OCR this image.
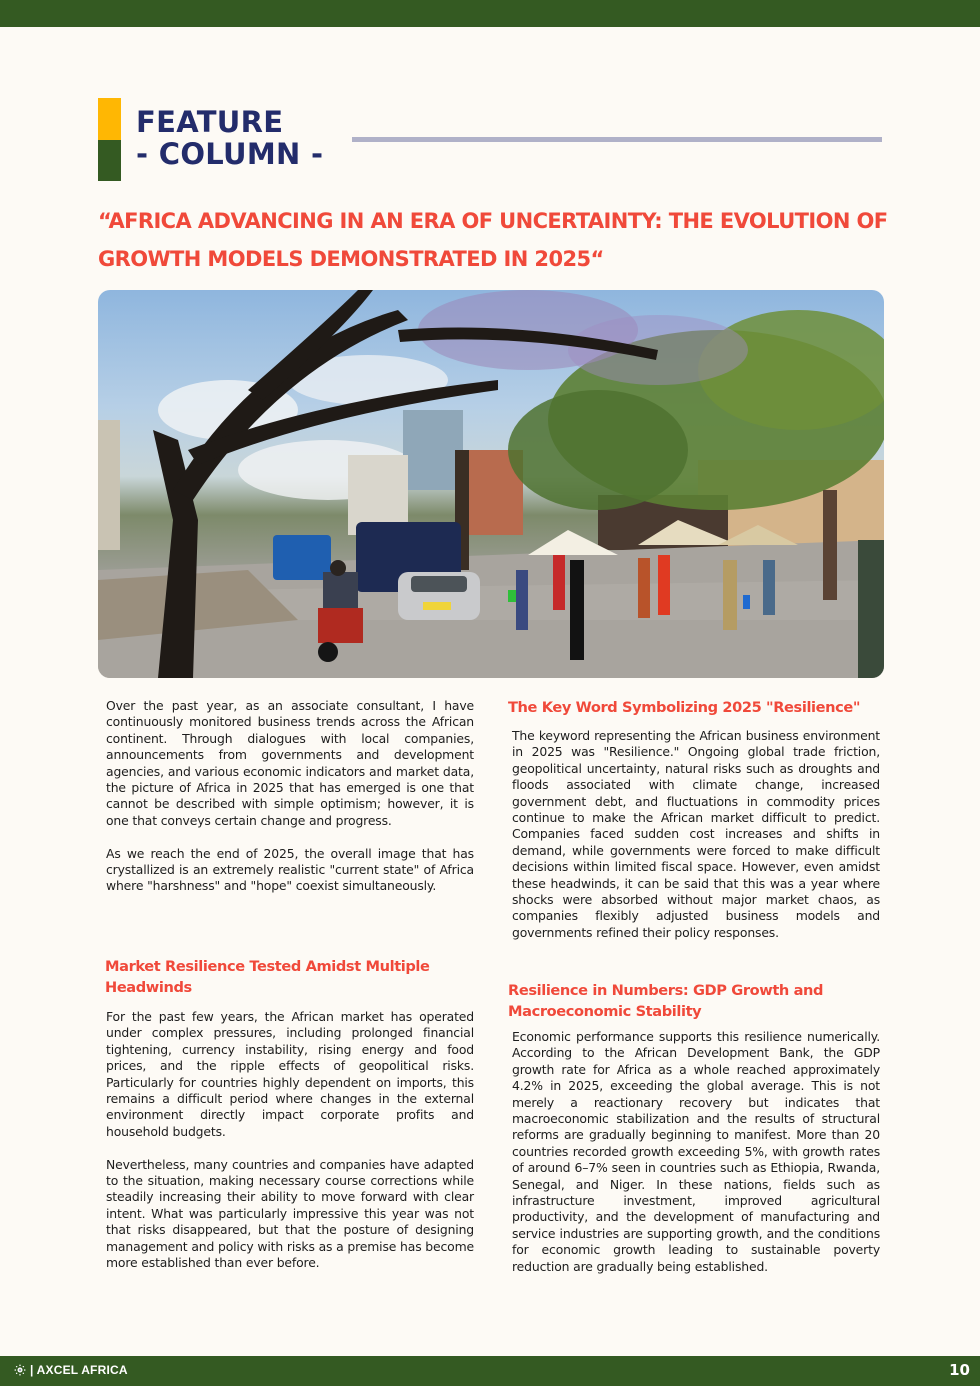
FEATURE
- COLUMN -
“AFRICA ADVANCING IN AN ERA OF UNCERTAINTY: THE EVOLUTION OF GROWTH MODELS DEMONSTRATED IN 2025“

Over the past year, as an associate consultant, I have continuously monitored business trends across the African continent. Through dialogues with local companies, announcements from governments and development agencies, and various economic indicators and market data, the picture of Africa in 2025 that has emerged is one that cannot be described with simple optimism; however, it is one that conveys certain change and progress.

As we reach the end of 2025, the overall image that has crystallized is an extremely realistic "current state" of Africa where "harshness" and "hope" coexist simultaneously.

Market Resilience Tested Amidst Multiple Headwinds

For the past few years, the African market has operated under complex pressures, including prolonged financial tightening, currency instability, rising energy and food prices, and the ripple effects of geopolitical risks. Particularly for countries highly dependent on imports, this remains a difficult period where changes in the external environment directly impact corporate profits and household budgets.

Nevertheless, many countries and companies have adapted to the situation, making necessary course corrections while steadily increasing their ability to move forward with clear intent. What was particularly impressive this year was not that risks disappeared, but that the posture of designing management and policy with risks as a premise has become more established than ever before.

The Key Word Symbolizing 2025 "Resilience"

The keyword representing the African business environment in 2025 was "Resilience." Ongoing global trade friction, geopolitical uncertainty, natural risks such as droughts and floods associated with climate change, increased government debt, and fluctuations in commodity prices continue to make the African market difficult to predict. Companies faced sudden cost increases and shifts in demand, while governments were forced to make difficult decisions within limited fiscal space. However, even amidst these headwinds, it can be said that this was a year where shocks were absorbed without major market chaos, as companies flexibly adjusted business models and governments refined their policy responses.

Resilience in Numbers: GDP Growth and Macroeconomic Stability

Economic performance supports this resilience numerically. According to the African Development Bank, the GDP growth rate for Africa as a whole reached approximately 4.2% in 2025, exceeding the global average. This is not merely a reactionary recovery but indicates that macroeconomic stabilization and the results of structural reforms are gradually beginning to manifest. More than 20 countries recorded growth exceeding 5%, with growth rates of around 6–7% seen in countries such as Ethiopia, Rwanda, Senegal, and Niger. In these nations, fields such as infrastructure investment, improved agricultural productivity, and the development of manufacturing and service industries are supporting growth, and the conditions for economic growth leading to sustainable poverty reduction are gradually being established.

| AXCEL AFRICA	10
